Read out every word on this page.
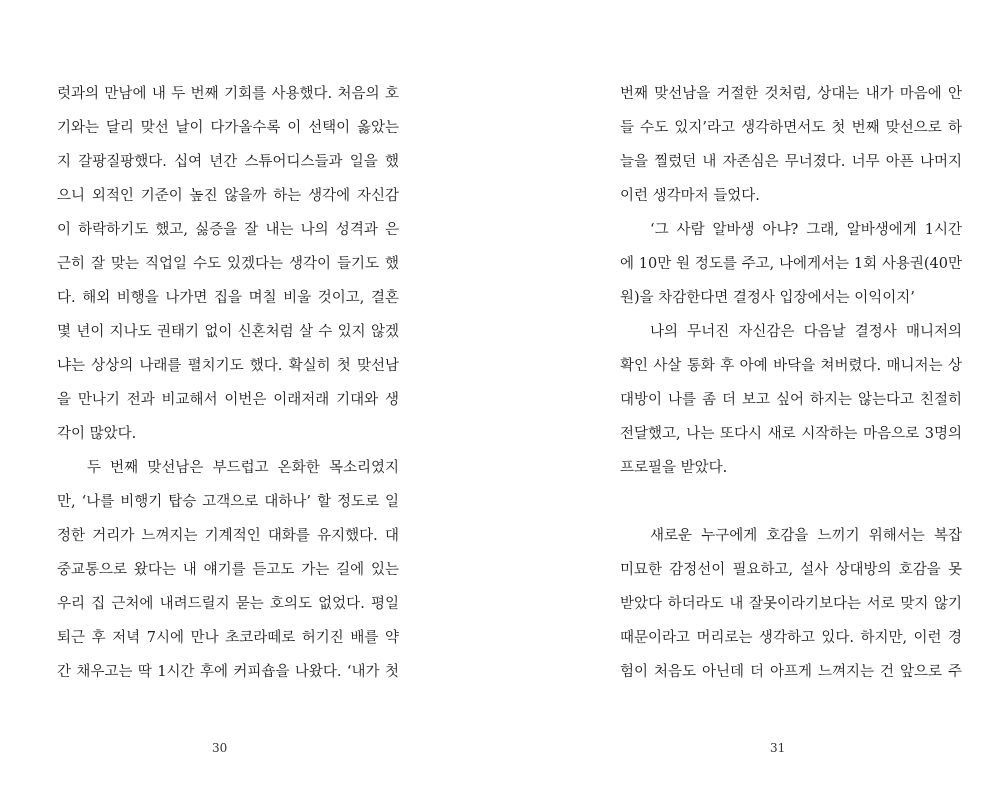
럿과의 만남에 내 두 번째 기회를 사용했다. 처음의 호
기와는 달리 맞선 날이 다가올수록 이 선택이 옳았는
지 갈팡질팡했다. 십여 년간 스튜어디스들과 일을 했
으니 외적인 기준이 높진 않을까 하는 생각에 자신감
이 하락하기도 했고, 싫증을 잘 내는 나의 성격과 은
근히 잘 맞는 직업일 수도 있겠다는 생각이 들기도 했
다. 해외 비행을 나가면 집을 며칠 비울 것이고, 결혼
몇 년이 지나도 권태기 없이 신혼처럼 살 수 있지 않겠
냐는 상상의 나래를 펼치기도 했다. 확실히 첫 맞선남
을 만나기 전과 비교해서 이번은 이래저래 기대와 생
각이 많았다.
두 번째 맞선남은 부드럽고 온화한 목소리였지
만, ‘나를 비행기 탑승 고객으로 대하나’ 할 정도로 일
정한 거리가 느껴지는 기계적인 대화를 유지했다. 대
중교통으로 왔다는 내 얘기를 듣고도 가는 길에 있는
우리 집 근처에 내려드릴지 묻는 호의도 없었다. 평일
퇴근 후 저녁 7시에 만나 초코라떼로 허기진 배를 약
간 채우고는 딱 1시간 후에 커피숍을 나왔다. ‘내가 첫
30
번째 맞선남을 거절한 것처럼, 상대는 내가 마음에 안
들 수도 있지’라고 생각하면서도 첫 번째 맞선으로 하
늘을 찔렀던 내 자존심은 무너졌다. 너무 아픈 나머지
이런 생각마저 들었다.
‘그 사람 알바생 아냐? 그래, 알바생에게 1시간
에 10만 원 정도를 주고, 나에게서는 1회 사용권(40만
원)을 차감한다면 결정사 입장에서는 이익이지’
나의 무너진 자신감은 다음날 결정사 매니저의
확인 사살 통화 후 아예 바닥을 쳐버렸다. 매니저는 상
대방이 나를 좀 더 보고 싶어 하지는 않는다고 친절히
전달했고, 나는 또다시 새로 시작하는 마음으로 3명의
프로필을 받았다.
새로운 누구에게 호감을 느끼기 위해서는 복잡
미묘한 감정선이 필요하고, 설사 상대방의 호감을 못
받았다 하더라도 내 잘못이라기보다는 서로 맞지 않기
때문이라고 머리로는 생각하고 있다. 하지만, 이런 경
험이 처음도 아닌데 더 아프게 느껴지는 건 앞으로 주
31
